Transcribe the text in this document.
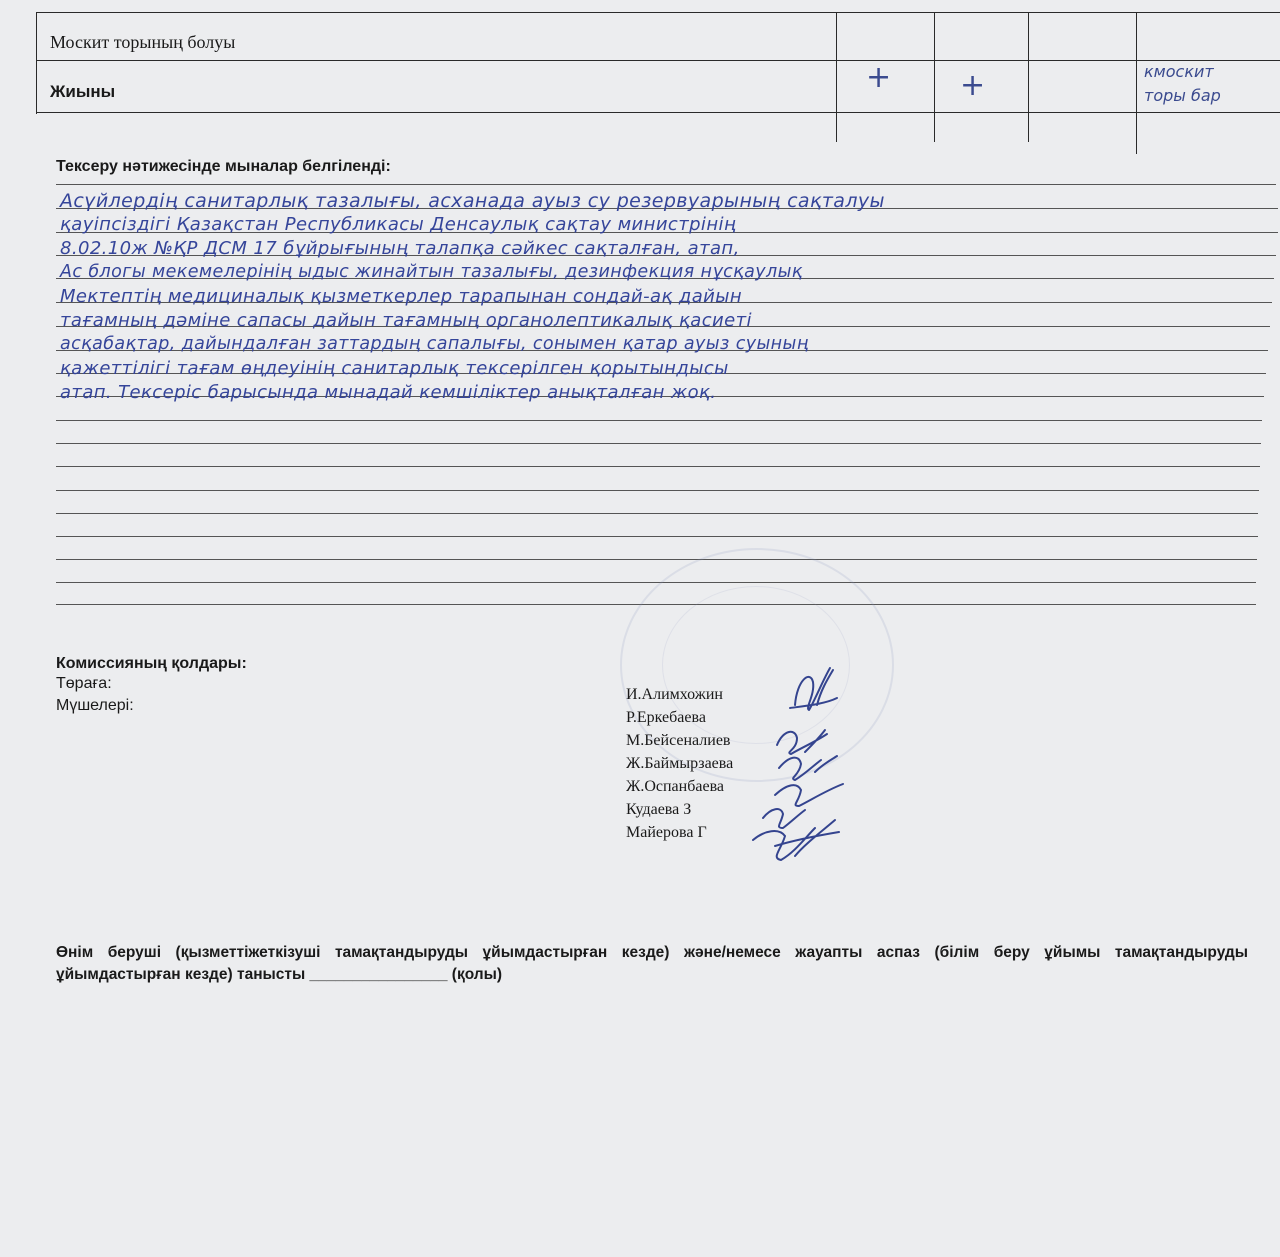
Москит торының болуы
Жиыны	+ +	кмоскит
торы бар
Тексеру нәтижесінде мыналар белгіленді:
Асүйлердің санитарлық тазалығы, асханада ауыз су резервуарының сақталуы
қауіпсіздігі Қазақстан Республикасы Денсаулық сақтау министрінің
8.02.10ж №ҚР ДСМ 17 бұйрығының талапқа сәйкес сақталған, атап,
Ас блогы мекемелерінің ыдыс жинайтын тазалығы, дезинфекция нұсқаулық
Мектептің медициналық қызметкерлер тарапынан сондай-ақ дайын
тағамның дәміне сапасы дайын тағамның органолептикалық қасиеті
асқабақтар, дайындалған заттардың сапалығы, сонымен қатар ауыз суының
қажеттілігі тағам өңдеуінің санитарлық тексерілген қорытындысы
атап. Тексеріс барысында мынадай кемшіліктер анықталған жоқ.
Комиссияның қолдары:
Төраға:
Мүшелері:
И.Алимхожин
Р.Еркебаева
М.Бейсеналиев
Ж.Баймырзаева
Ж.Оспанбаева
Кудаева З
Майерова Г
Өнім беруші (қызметтіжеткізуші тамақтандыруды ұйымдастырған кезде) және/немесе жауапты аспаз (білім беру ұйымы тамақтандыруды ұйымдастырған кезде) танысты ________________ (қолы)
